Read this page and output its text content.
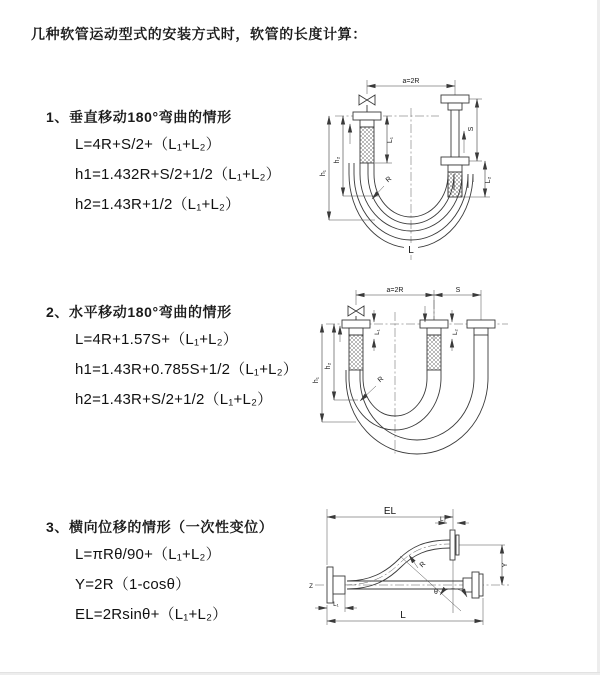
几种软管运动型式的安装方式时，软管的长度计算：
1、垂直移动180°弯曲的情形
L=4R+S/2+（L₁+L₂）
h1=1.432R+S/2+1/2（L₁+L₂）
h2=1.43R+1/2（L₁+L₂）
2、水平移动180°弯曲的情形
L=4R+1.57S+（L₁+L₂）
h1=1.43R+0.785S+1/2（L₁+L₂）
h2=1.43R+S/2+1/2（L₁+L₂）
3、横向位移的情形（一次性变位）
L=πRθ/90+（L₁+L₂）
Y=2R（1-cosθ）
EL=2Rsinθ+（L₁+L₂）
a=2R
h₁
h₂
L₁
S
L₂
R
L
a=2R	S
h₁
h₂
L₁	L₂
R
Z
EL
L₂
θ
R	Y
L₁
L
